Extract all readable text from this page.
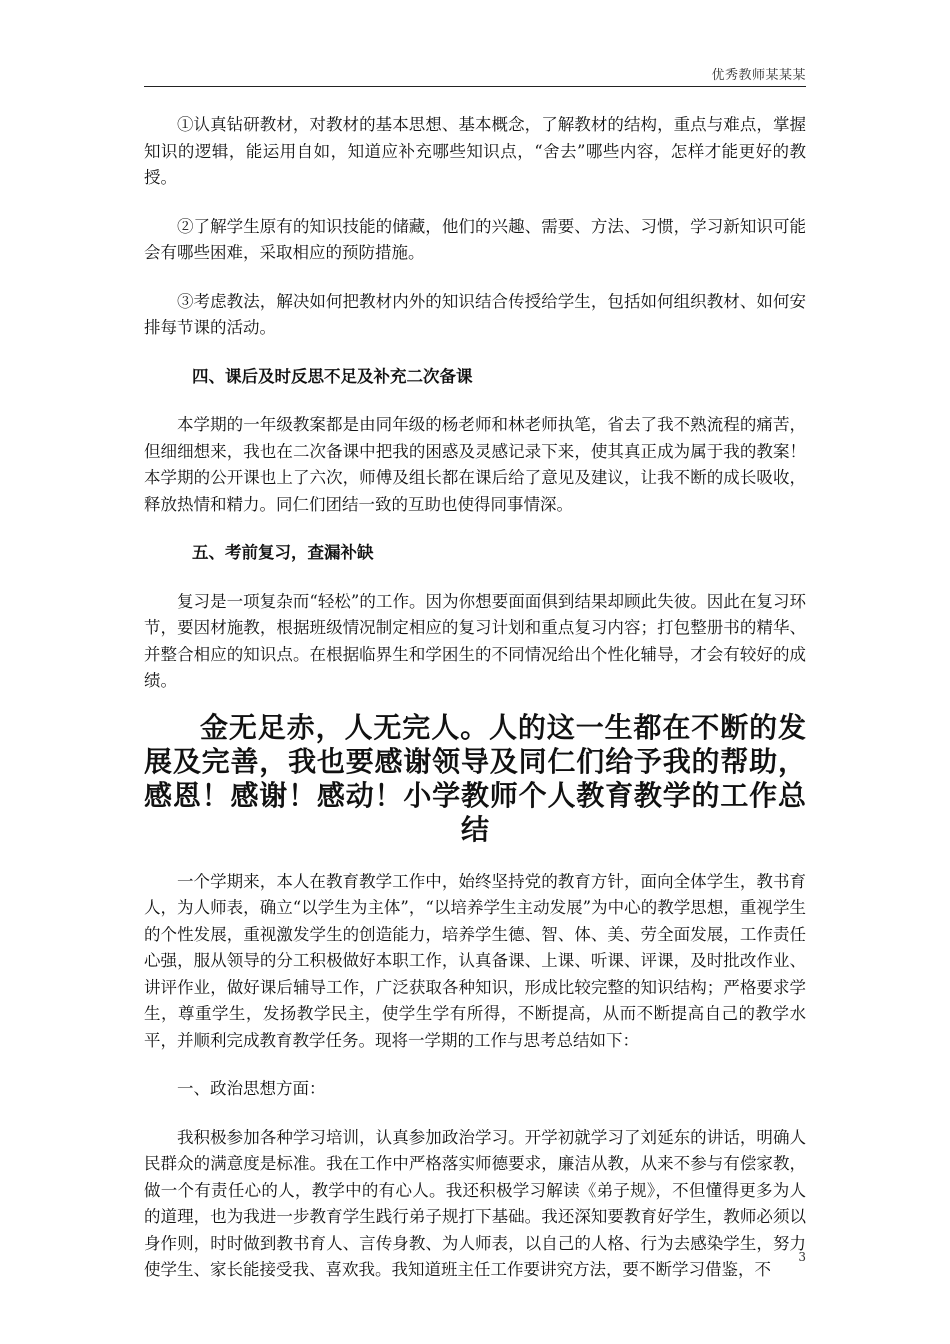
优秀教师某某某

①认真钻研教材，对教材的基本思想、基本概念，了解教材的结构，重点与难点，掌握知识的逻辑，能运用自如，知道应补充哪些知识点，“舍去”哪些内容，怎样才能更好的教授。

②了解学生原有的知识技能的储藏，他们的兴趣、需要、方法、习惯，学习新知识可能会有哪些困难，采取相应的预防措施。

③考虑教法，解决如何把教材内外的知识结合传授给学生，包括如何组织教材、如何安排每节课的活动。

四、课后及时反思不足及补充二次备课

本学期的一年级教案都是由同年级的杨老师和林老师执笔，省去了我不熟流程的痛苦，但细细想来，我也在二次备课中把我的困惑及灵感记录下来，使其真正成为属于我的教案！本学期的公开课也上了六次，师傅及组长都在课后给了意见及建议，让我不断的成长吸收，释放热情和精力。同仁们团结一致的互助也使得同事情深。

五、考前复习，查漏补缺

复习是一项复杂而“轻松”的工作。因为你想要面面俱到结果却顾此失彼。因此在复习环节，要因材施教，根据班级情况制定相应的复习计划和重点复习内容；打包整册书的精华、并整合相应的知识点。在根据临界生和学困生的不同情况给出个性化辅导，才会有较好的成绩。

金无足赤，人无完人。人的这一生都在不断的发展及完善，我也要感谢领导及同仁们给予我的帮助，感恩！感谢！感动！小学教师个人教育教学的工作总结

一个学期来，本人在教育教学工作中，始终坚持党的教育方针，面向全体学生，教书育人，为人师表，确立“以学生为主体”，“以培养学生主动发展”为中心的教学思想，重视学生的个性发展，重视激发学生的创造能力，培养学生德、智、体、美、劳全面发展，工作责任心强，服从领导的分工积极做好本职工作，认真备课、上课、听课、评课，及时批改作业、讲评作业，做好课后辅导工作，广泛获取各种知识，形成比较完整的知识结构；严格要求学生，尊重学生，发扬教学民主，使学生学有所得，不断提高，从而不断提高自己的教学水平，并顺利完成教育教学任务。现将一学期的工作与思考总结如下：

一、政治思想方面：

我积极参加各种学习培训，认真参加政治学习。开学初就学习了刘延东的讲话，明确人民群众的满意度是标准。我在工作中严格落实师德要求，廉洁从教，从来不参与有偿家教，做一个有责任心的人，教学中的有心人。我还积极学习解读《弟子规》，不但懂得更多为人的道理，也为我进一步教育学生践行弟子规打下基础。我还深知要教育好学生，教师必须以身作则，时时做到教书育人、言传身教、为人师表，以自己的人格、行为去感染学生，努力使学生、家长能接受我、喜欢我。我知道班主任工作要讲究方法，要不断学习借鉴，不

3
